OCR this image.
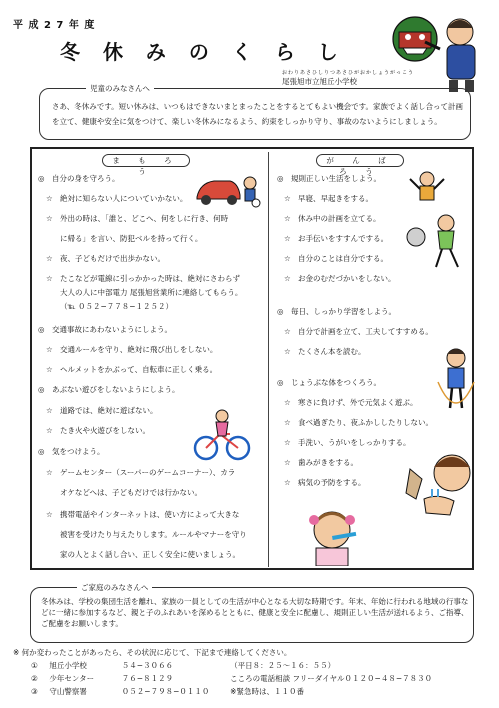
平 成 2 7 年 度
冬 休 み の く ら し
おわりあさひしりつあさひがおかしょうがっこう
尾張旭市立旭丘小学校
児童のみなさんへ
さあ、冬休みです。短い休みは、いつもはできないまとまったことをするとてもよい機会です。家族でよく話し合って計画を立て、健康や安全に気をつけて、楽しい冬休みになるよう、約束をしっかり守り、事故のないようにしましょう。
ま も ろ う
が ん ば ろ う
◎ 自分の身を守ろう。
☆ 絶対に知らない人についていかない。
☆ 外出の時は、「誰と、どこへ、何をしに行き、何時
に帰る」を言い、防犯ベルを持って行く。
☆ 夜、子どもだけで出歩かない。
☆ たこなどが電線に引っかかった時は、絶対にさわらず
大人の人に中部電力 尾張旭営業所に連絡してもらう。
（℡ ０５２−７７８−１２５２）
◎ 交通事故にあわないようにしよう。
☆ 交通ルールを守り、絶対に飛び出しをしない。
☆ ヘルメットをかぶって、自転車に正しく乗る。
◎ あぶない遊びをしないようにしよう。
☆ 道路では、絶対に遊ばない。
☆ たき火や火遊びをしない。
◎ 気をつけよう。
☆ ゲームセンター（スーパーのゲームコーナー）、カラ
オケなどへは、子どもだけでは行かない。
☆ 携帯電話やインターネットは、使い方によって大きな
被害を受けたり与えたりします。ルールやマナーを守り
家の人とよく話し合い、正しく安全に使いましょう。
◎ 規則正しい生活をしよう。
☆ 早寝、早起きをする。
☆ 休み中の計画を立てる。
☆ お手伝いをすすんでする。
☆ 自分のことは自分でする。
☆ お金のむだづかいをしない。
◎ 毎日、しっかり学習をしよう。
☆ 自分で計画を立て、工夫してすすめる。
☆ たくさん本を読む。
◎ じょうぶな体をつくろう。
☆ 寒さに負けず、外で元気よく遊ぶ。
☆ 食べ過ぎたり、夜ふかししたりしない。
☆ 手洗い、うがいをしっかりする。
☆ 歯みがきをする。
☆ 病気の予防をする。
ご家庭のみなさんへ
冬休みは、学校の集団生活を離れ、家族の一員としての生活が中心となる大切な時期です。年末、年始に行われる地域の行事などに一緒に参加するなど、親と子のふれあいを深めるとともに、健康と安全に配慮し、規則正しい生活が送れるよう、ご指導、ご配慮をお願いします。
※ 何か変わったことがあったら、その状況に応じて、下記まで連絡してください。
① 旭丘小学校	５４−３０６６	（平日８：２５〜１６：５５）
② 少年センター	７６−８１２９	こころの電話相談 フリーダイヤル０１２０−４８−７８３０
③ 守山警察署	０５２−７９８−０１１０	※緊急時は、１１０番
